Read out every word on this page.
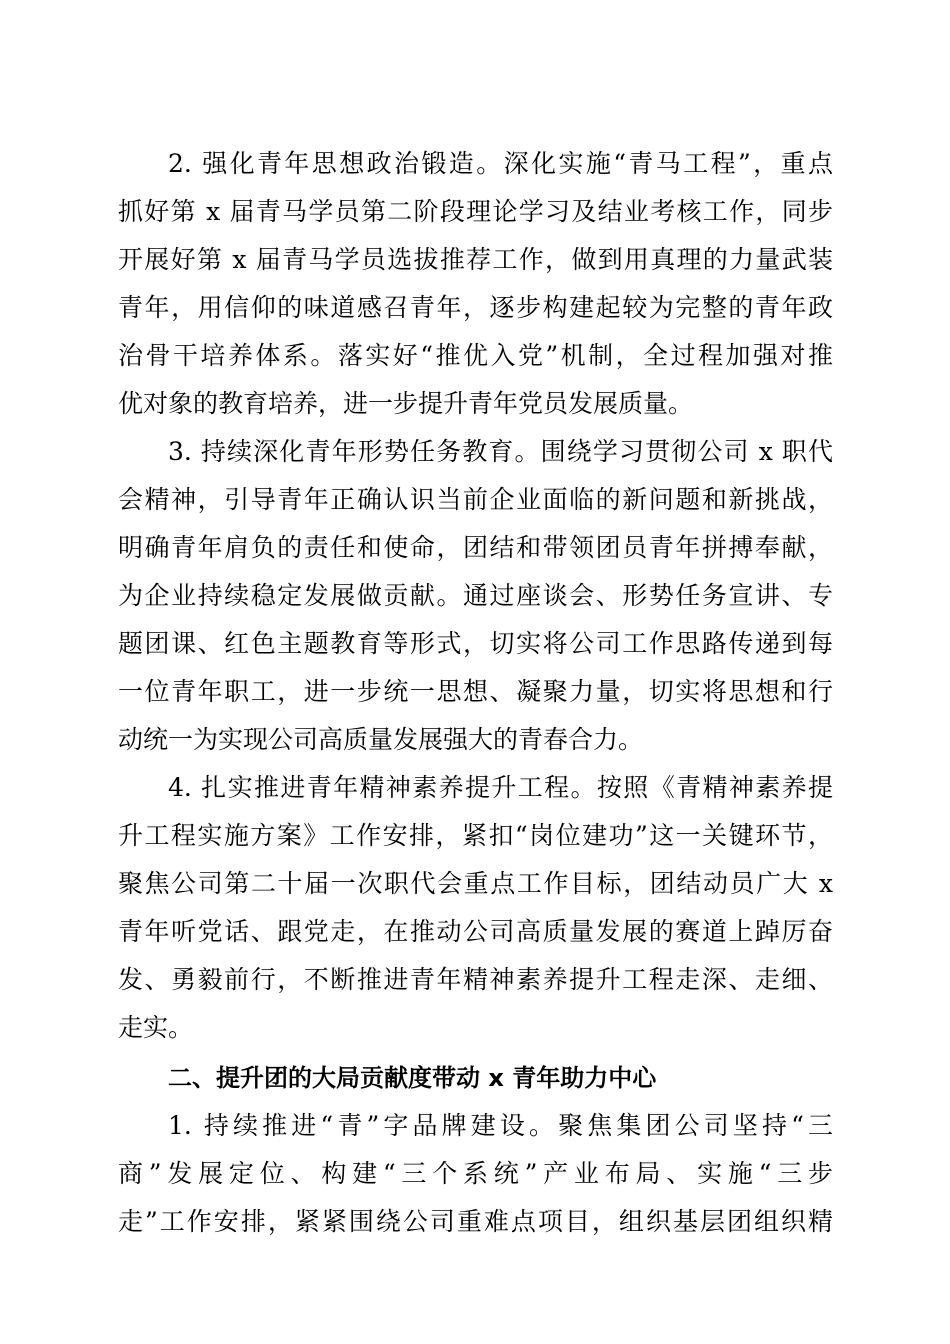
2. 强化青年思想政治锻造。深化实施“青马工程”，重点
抓好第 x 届青马学员第二阶段理论学习及结业考核工作，同步
开展好第 x 届青马学员选拔推荐工作，做到用真理的力量武装
青年，用信仰的味道感召青年，逐步构建起较为完整的青年政
治骨干培养体系。落实好“推优入党”机制，全过程加强对推
优对象的教育培养，进一步提升青年党员发展质量。
3. 持续深化青年形势任务教育。围绕学习贯彻公司 x 职代
会精神，引导青年正确认识当前企业面临的新问题和新挑战，
明确青年肩负的责任和使命，团结和带领团员青年拼搏奉献，
为企业持续稳定发展做贡献。通过座谈会、形势任务宣讲、专
题团课、红色主题教育等形式，切实将公司工作思路传递到每
一位青年职工，进一步统一思想、凝聚力量，切实将思想和行
动统一为实现公司高质量发展强大的青春合力。
4. 扎实推进青年精神素养提升工程。按照《青精神素养提
升工程实施方案》工作安排，紧扣“岗位建功”这一关键环节，
聚焦公司第二十届一次职代会重点工作目标，团结动员广大 x
青年听党话、跟党走，在推动公司高质量发展的赛道上踔厉奋
发、勇毅前行，不断推进青年精神素养提升工程走深、走细、
走实。
二、提升团的大局贡献度带动 x 青年助力中心
1. 持续推进“青”字品牌建设。聚焦集团公司坚持“三
商”发展定位、构建“三个系统”产业布局、实施“三步
走”工作安排，紧紧围绕公司重难点项目，组织基层团组织精
